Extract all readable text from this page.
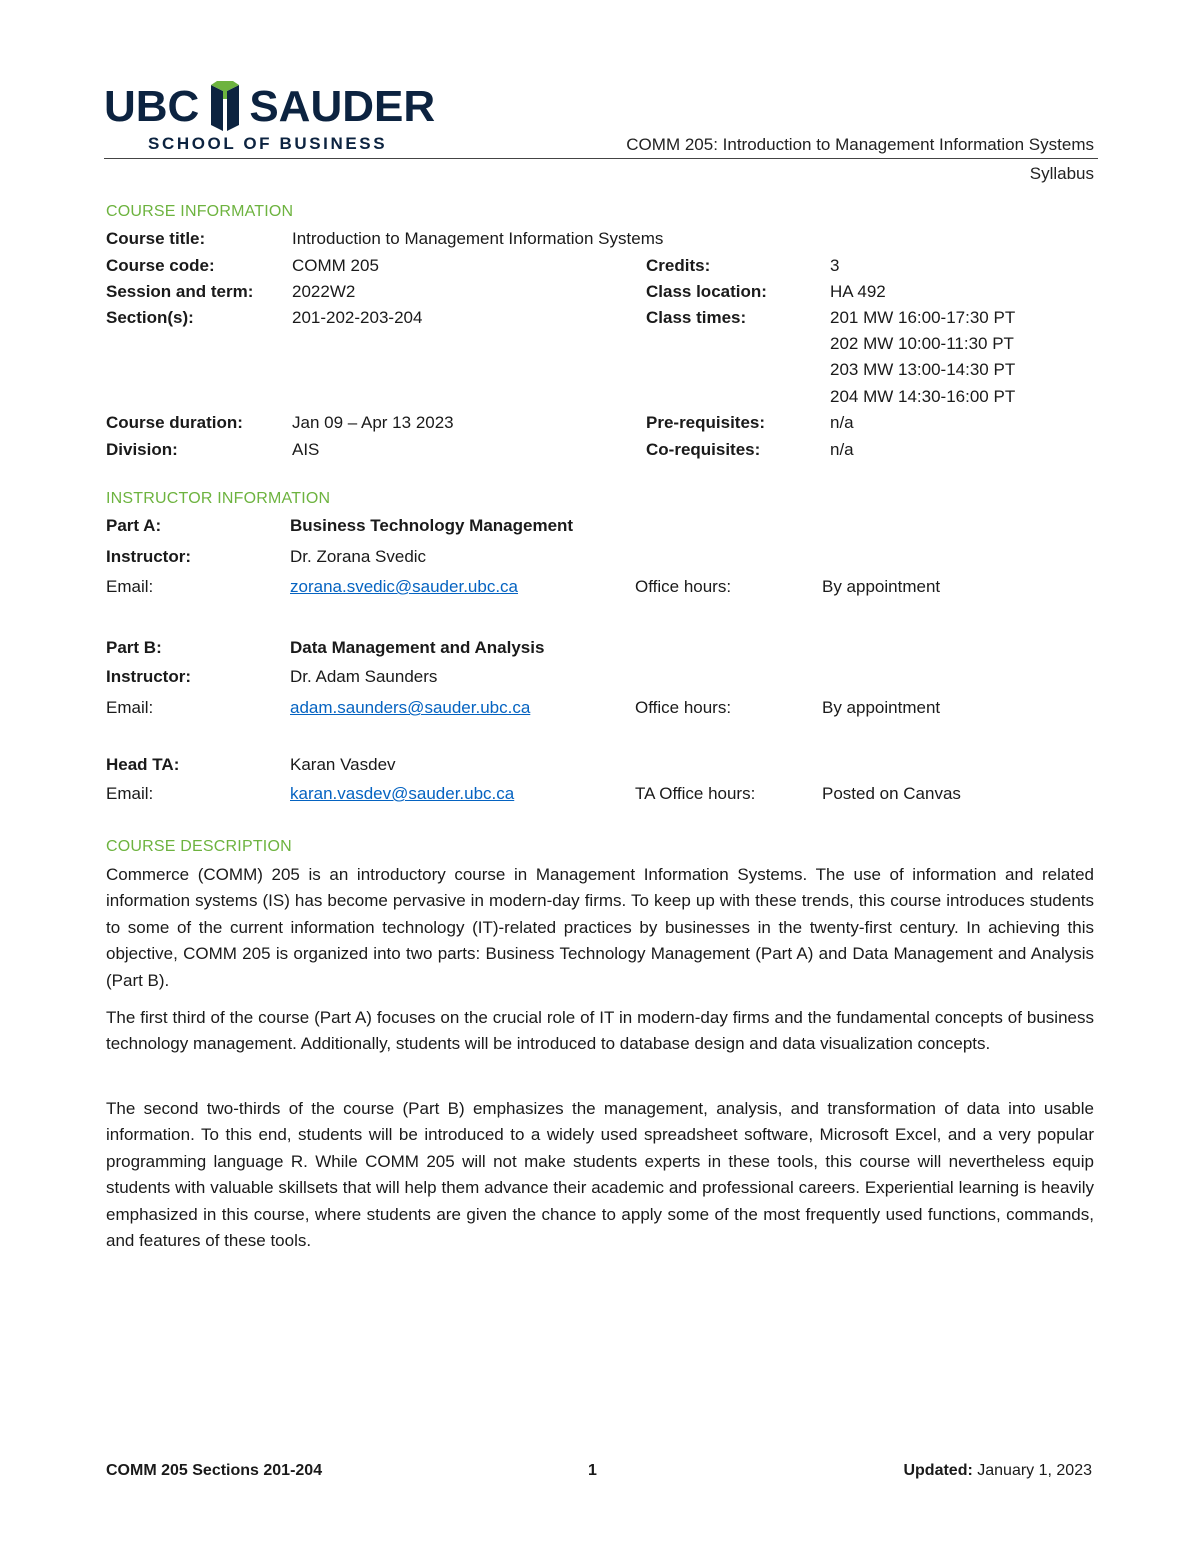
UBC SAUDER
SCHOOL OF BUSINESS	COMM 205: Introduction to Management Information Systems
Syllabus
COURSE INFORMATION
Course title:	Introduction to Management Information Systems
Course code:	COMM 205	Credits:	3
Session and term: 2022W2	Class location:	HA 492
Section(s):	201-202-203-204	Class times:	201 MW 16:00-17:30 PT
202 MW 10:00-11:30 PT
203 MW 13:00-14:30 PT
204 MW 14:30-16:00 PT
Course duration:	Jan 09 – Apr 13 2023	Pre-requisites:	n/a
Division:	AIS	Co-requisites:	n/a
INSTRUCTOR INFORMATION
Part A:	Business Technology Management
Instructor:	Dr. Zorana Svedic
Email:	zorana.svedic@sauder.ubc.ca	Office hours:	By appointment
Part B:	Data Management and Analysis
Instructor:	Dr. Adam Saunders
Email:	adam.saunders@sauder.ubc.ca	Office hours:	By appointment
Head TA:	Karan Vasdev
Email:	karan.vasdev@sauder.ubc.ca	TA Office hours:	Posted on Canvas
COURSE DESCRIPTION

Commerce (COMM) 205 is an introductory course in Management Information Systems. The use of information and related information systems (IS) has become pervasive in modern-day firms. To keep up with these trends, this course introduces students to some of the current information technology (IT)-related practices by businesses in the twenty-first century. In achieving this objective, COMM 205 is organized into two parts: Business Technology Management (Part A) and Data Management and Analysis (Part B).

The first third of the course (Part A) focuses on the crucial role of IT in modern-day firms and the fundamental concepts of business technology management. Additionally, students will be introduced to database design and data visualization concepts.

The second two-thirds of the course (Part B) emphasizes the management, analysis, and transformation of data into usable information. To this end, students will be introduced to a widely used spreadsheet software, Microsoft Excel, and a very popular programming language R. While COMM 205 will not make students experts in these tools, this course will nevertheless equip students with valuable skillsets that will help them advance their academic and professional careers. Experiential learning is heavily emphasized in this course, where students are given the chance to apply some of the most frequently used functions, commands, and features of these tools.

COMM 205 Sections 201-204	1	Updated: January 1, 2023
